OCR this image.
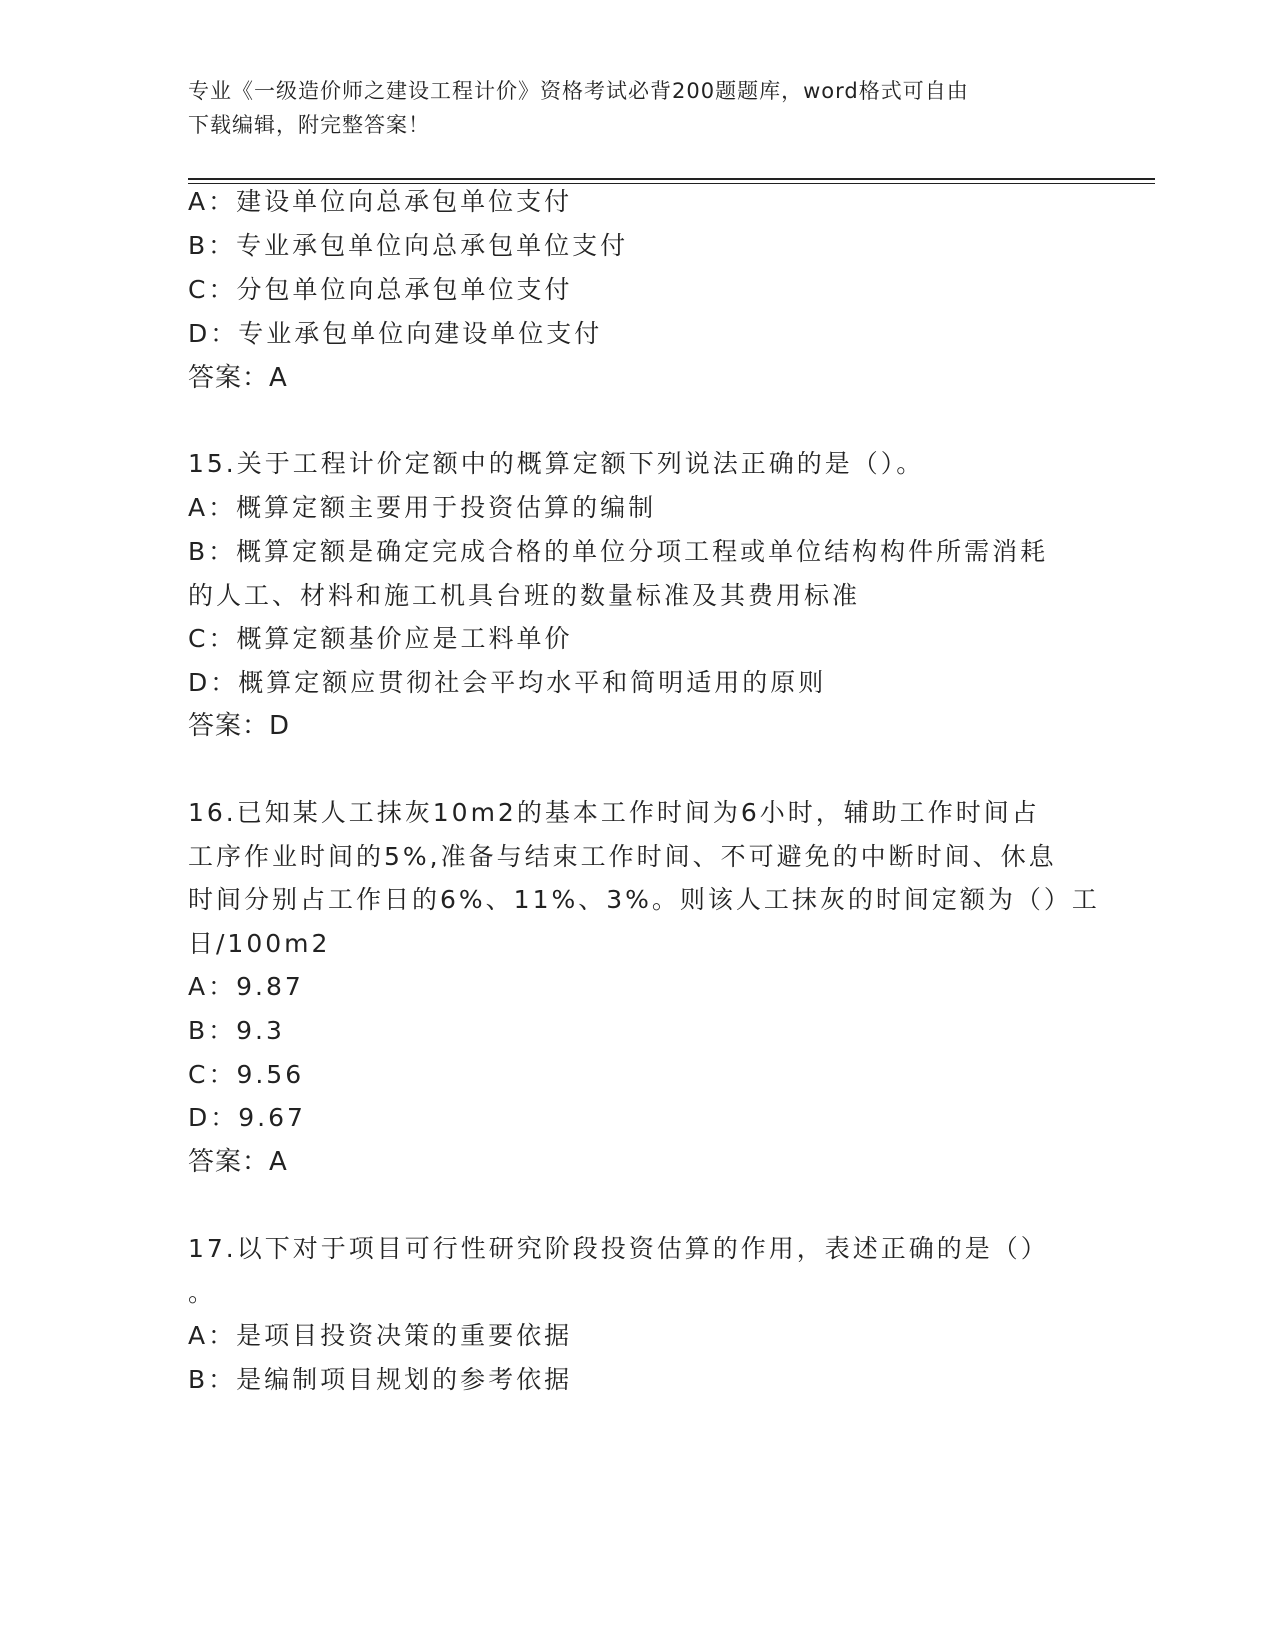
专业《一级造价师之建设工程计价》资格考试必背200题题库，word格式可自由
下载编辑，附完整答案！
A：建设单位向总承包单位支付
B：专业承包单位向总承包单位支付
C：分包单位向总承包单位支付
D：专业承包单位向建设单位支付
答案：A
15.关于工程计价定额中的概算定额下列说法正确的是（）。
A：概算定额主要用于投资估算的编制
B：概算定额是确定完成合格的单位分项工程或单位结构构件所需消耗
的人工、材料和施工机具台班的数量标准及其费用标准
C：概算定额基价应是工料单价
D：概算定额应贯彻社会平均水平和简明适用的原则
答案：D
16.已知某人工抹灰10m2的基本工作时间为6小时，辅助工作时间占
工序作业时间的5%,准备与结束工作时间、不可避免的中断时间、休息
时间分别占工作日的6%、11%、3%。则该人工抹灰的时间定额为（）工
日/100m2
A：9.87
B：9.3
C：9.56
D：9.67
答案：A
17.以下对于项目可行性研究阶段投资估算的作用，表述正确的是（）
。
A：是项目投资决策的重要依据
B：是编制项目规划的参考依据
